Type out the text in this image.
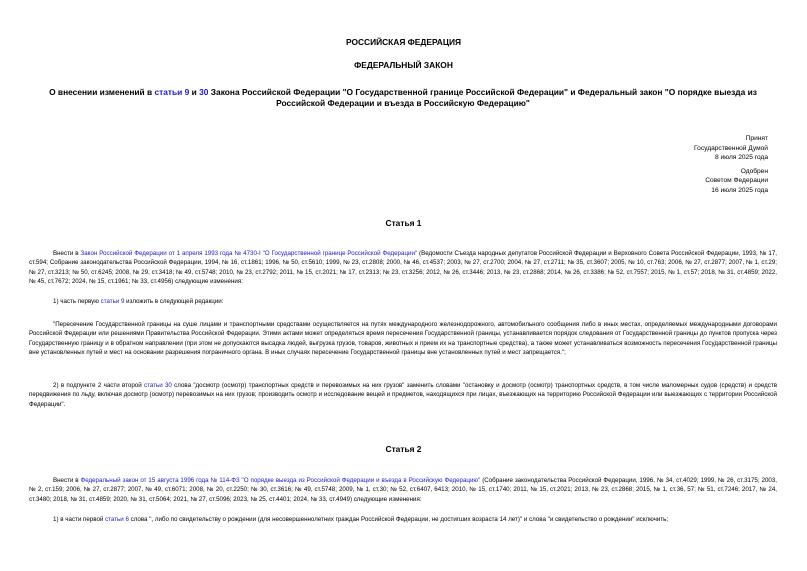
РОССИЙСКАЯ ФЕДЕРАЦИЯ
ФЕДЕРАЛЬНЫЙ ЗАКОН
О внесении изменений в статьи 9 и 30 Закона Российской Федерации "О Государственной границе Российской Федерации" и Федеральный закон "О порядке выезда из Российской Федерации и въезда в Российскую Федерацию"
Принят
Государственной Думой
8 июля 2025 года
Одобрен
Советом Федерации
16 июля 2025 года
Статья 1
Внести в Закон Российской Федерации от 1 апреля 1993 года № 4730-I "О Государственной границе Российской Федерации" (Ведомости Съезда народных депутатов Российской Федерации и Верховного Совета Российской Федерации, 1993, № 17, ст.594; Собрание законодательства Российской Федерации, 1994, № 16, ст.1861; 1996, № 50, ст.5610; 1999, № 23, ст.2808; 2000, № 46, ст.4537; 2003, № 27, ст.2700; 2004, № 27, ст.2711; № 35, ст.3607; 2005, № 10, ст.763; 2006, № 27, ст.2877; 2007, № 1, ст.29; № 27, ст.3213; № 50, ст.6245; 2008, № 29, ст.3418; № 49, ст.5748; 2010, № 23, ст.2792; 2011, № 15, ст.2021; № 17, ст.2313; № 23, ст.3256; 2012, № 26, ст.3446; 2013, № 23, ст.2868; 2014, № 26, ст.3386; № 52, ст.7557; 2015, № 1, ст.57; 2018, № 31, ст.4859; 2022, № 45, ст.7672; 2024, № 15, ст.1961; № 33, ст.4956) следующие изменения:
1) часть первую статьи 9 изложить в следующей редакции:
"Пересечение Государственной границы на суше лицами и транспортными средствами осуществляется на путях международного железнодорожного, автомобильного сообщения либо в иных местах, определяемых международными договорами Российской Федерации или решениями Правительства Российской Федерации. Этими актами может определяться время пересечения Государственной границы, устанавливается порядок следования от Государственной границы до пунктов пропуска через Государственную границу и в обратном направлении (при этом не допускаются высадка людей, выгрузка грузов, товаров, животных и прием их на транспортные средства), а также может устанавливаться возможность пересечения Государственной границы вне установленных путей и мест на основании разрешения пограничного органа. В иных случаях пересечение Государственной границы вне установленных путей и мест запрещается.";
2) в подпункте 2 части второй статьи 30 слова "досмотр (осмотр) транспортных средств и перевозимых на них грузов" заменить словами "остановку и досмотр (осмотр) транспортных средств, в том числе маломерных судов (средств) и средств передвижения по льду, включая досмотр (осмотр) перевозимых на них грузов; производить осмотр и исследование вещей и предметов, находящихся при лицах, въезжающих на территорию Российской Федерации или выезжающих с территории Российской Федерации".
Статья 2
Внести в Федеральный закон от 15 августа 1996 года № 114-ФЗ "О порядке выезда из Российской Федерации и въезда в Российскую Федерацию" (Собрание законодательства Российской Федерации, 1996, № 34, ст.4029; 1999, № 26, ст.3175; 2003, № 2, ст.159; 2006, № 27, ст.2877; 2007, № 49, ст.6071; 2008, № 20, ст.2250; № 30, ст.3616; № 49, ст.5748; 2009, № 1, ст.30; № 52, ст.6407, 6413; 2010, № 15, ст.1740; 2011, № 15, ст.2021; 2013, № 23, ст.2868; 2015, № 1, ст.36, 57; № 51, ст.7246; 2017, № 24, ст.3480; 2018, № 31, ст.4859; 2020, № 31, ст.5064; 2021, № 27, ст.5096; 2023, № 25, ст.4401; 2024, № 33, ст.4949) следующие изменения:
1) в части первой статьи 6 слова ", либо по свидетельству о рождении (для несовершеннолетних граждан Российской Федерации, не достигших возраста 14 лет)" и слова "и свидетельство о рождении" исключить;
